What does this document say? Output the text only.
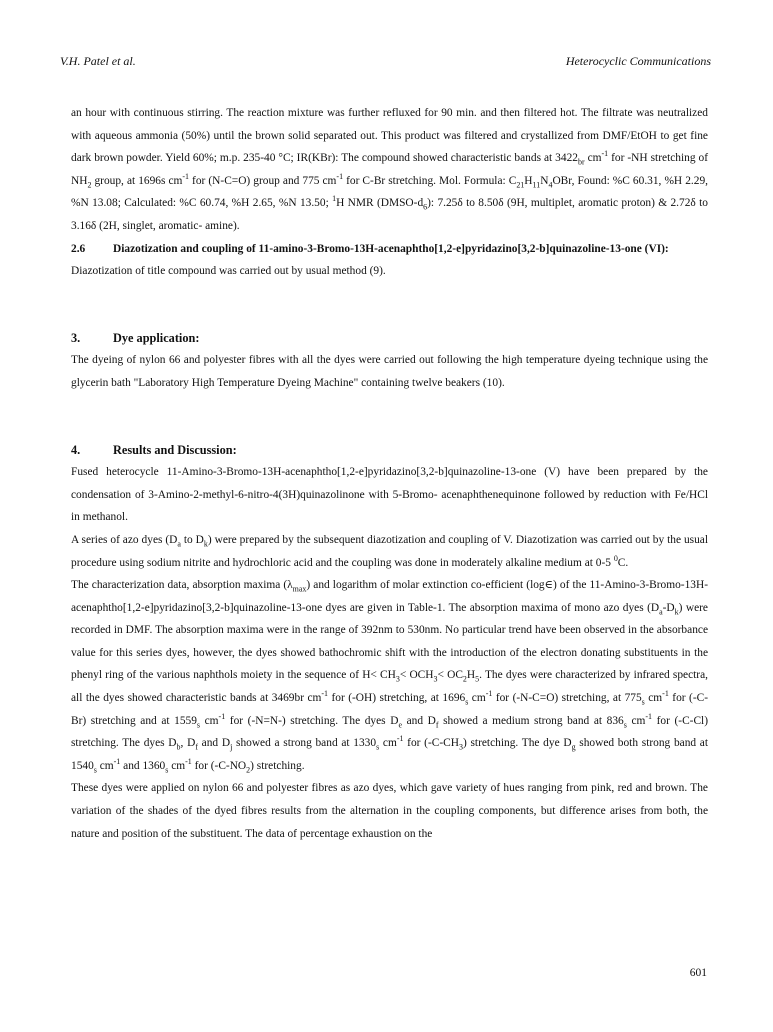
V.H. Patel et al.	Heterocyclic Communications

an hour with continuous stirring. The reaction mixture was further refluxed for 90 min. and then filtered hot. The filtrate was neutralized with aqueous ammonia (50%) until the brown solid separated out. This product was filtered and crystallized from DMF/EtOH to get fine dark brown powder. Yield 60%; m.p. 235-40 °C; IR(KBr): The compound showed characteristic bands at $3422_{br}$ $cm^{-1}$ for -NH stretching of $NH_2$ group, at 1696s $cm^{-1}$ for (N-C=O) group and 775 $cm^{-1}$ for C-Br stretching. Mol. Formula: $C_{21}H_{11}N_4OBr$, Found: %C 60.31, %H 2.29, %N 13.08; Calculated: %C 60.74, %H 2.65, %N 13.50; $^1$H NMR $(DMSO-d_6)$: 7.25δ to 8.50δ (9H, multiplet, aromatic proton) & 2.72δ to 3.16δ (2H, singlet, aromatic- amine).

2.6	Diazotization and coupling of 11-amino-3-Bromo-13H-acenaphtho[1,2-e]pyridazino[3,2-b]quinazoline-13-one (VI):

Diazotization of title compound was carried out by usual method (9).

3.	Dye application:

The dyeing of nylon 66 and polyester fibres with all the dyes were carried out following the high temperature dyeing technique using the glycerin bath "Laboratory High Temperature Dyeing Machine" containing twelve beakers (10).

4.	Results and Discussion:

Fused heterocycle 11-Amino-3-Bromo-13H-acenaphtho[1,2-e]pyridazino[3,2-b]quinazoline-13-one (V) have been prepared by the condensation of 3-Amino-2-methyl-6-nitro-4(3H)quinazolinone with 5-Bromo- acenaphthenequinone followed by reduction with Fe/HCl in methanol.

A series of azo dyes ($D_a$ to $D_k$) were prepared by the subsequent diazotization and coupling of V. Diazotization was carried out by the usual procedure using sodium nitrite and hydrochloric acid and the coupling was done in moderately alkaline medium at 0-5 $^0$C.

The characterization data, absorption maxima $(\lambda_{max})$ and logarithm of molar extinction co-efficient (log∈) of the 11-Amino-3-Bromo-13H-acenaphtho[1,2-e]pyridazino[3,2-b]quinazoline-13-one dyes are given in Table-1. The absorption maxima of mono azo dyes $(D_a-D_k)$ were recorded in DMF. The absorption maxima were in the range of 392nm to 530nm. No particular trend have been observed in the absorbance value for this series dyes, however, the dyes showed bathochromic shift with the introduction of the electron donating substituents in the phenyl ring of the various naphthols moiety in the sequence of $H< CH_3< OCH_3< OC_2H_5$. The dyes were characterized by infrared spectra, all the dyes showed characteristic bands at 3469br $cm^{-1}$ for (-OH) stretching, at $1696_s$ $cm^{-1}$ for (-N-C=O) stretching, at $775_s$ $cm^{-1}$ for (-C-Br) stretching and at $1559_s$ $cm^{-1}$ for (-N=N-) stretching. The dyes $D_e$ and $D_f$ showed a medium strong band at $836_s$ $cm^{-1}$ for (-C-Cl) stretching. The dyes $D_b$, $D_f$ and $D_j$ showed a strong band at $1330_s$ $cm^{-1}$ for $(-C-CH_3)$ stretching. The dye $D_g$ showed both strong band at $1540_s$ $cm^{-1}$ and $1360_s$ $cm^{-1}$ for $(-C-NO_2)$ stretching.

These dyes were applied on nylon 66 and polyester fibres as azo dyes, which gave variety of hues ranging from pink, red and brown. The variation of the shades of the dyed fibres results from the alternation in the coupling components, but difference arises from both, the nature and position of the substituent. The data of percentage exhaustion on the

601
